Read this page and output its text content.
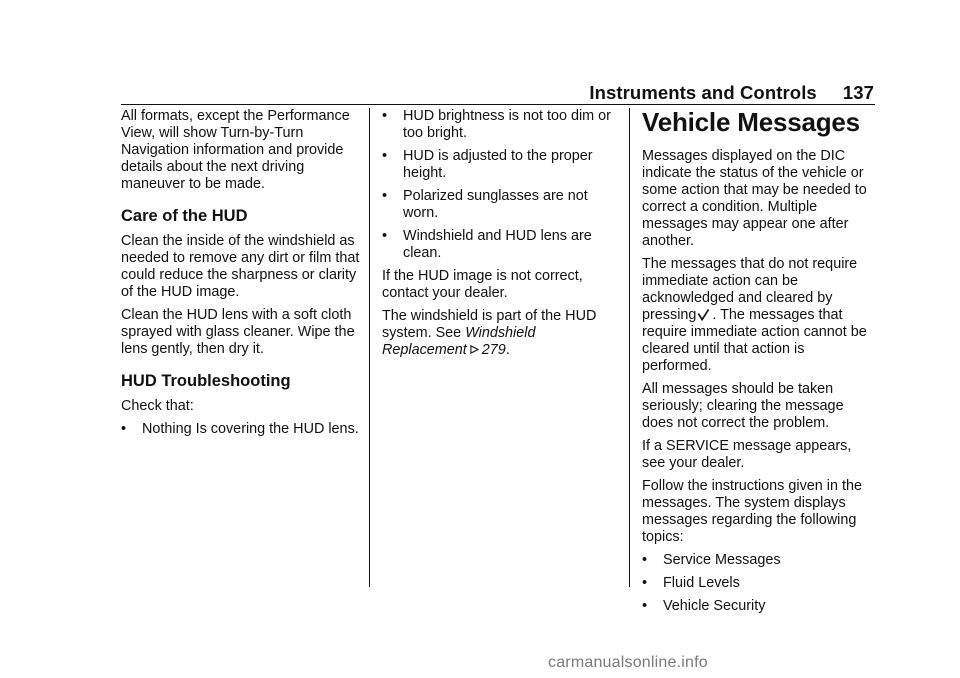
Instruments and Controls 137

All formats, except the Performance View, will show Turn-by-Turn Navigation information and provide details about the next driving maneuver to be made.

Care of the HUD

Clean the inside of the windshield as needed to remove any dirt or film that could reduce the sharpness or clarity of the HUD image.

Clean the HUD lens with a soft cloth sprayed with glass cleaner. Wipe the lens gently, then dry it.

HUD Troubleshooting

Check that:

•	Nothing Is covering the HUD lens.
•	HUD brightness is not too dim or too bright.
•	HUD is adjusted to the proper height.
•	Polarized sunglasses are not worn.
•	Windshield and HUD lens are clean.

If the HUD image is not correct, contact your dealer.

The windshield is part of the HUD system. See Windshield Replacement 279.

Vehicle Messages

Messages displayed on the DIC indicate the status of the vehicle or some action that may be needed to correct a condition. Multiple messages may appear one after another.

The messages that do not require immediate action can be acknowledged and cleared by pressing . The messages that require immediate action cannot be cleared until that action is performed.

All messages should be taken seriously; clearing the message does not correct the problem.

If a SERVICE message appears, see your dealer.

Follow the instructions given in the messages. The system displays messages regarding the following topics:

•	Service Messages
•	Fluid Levels
•	Vehicle Security
carmanualsonline.info
